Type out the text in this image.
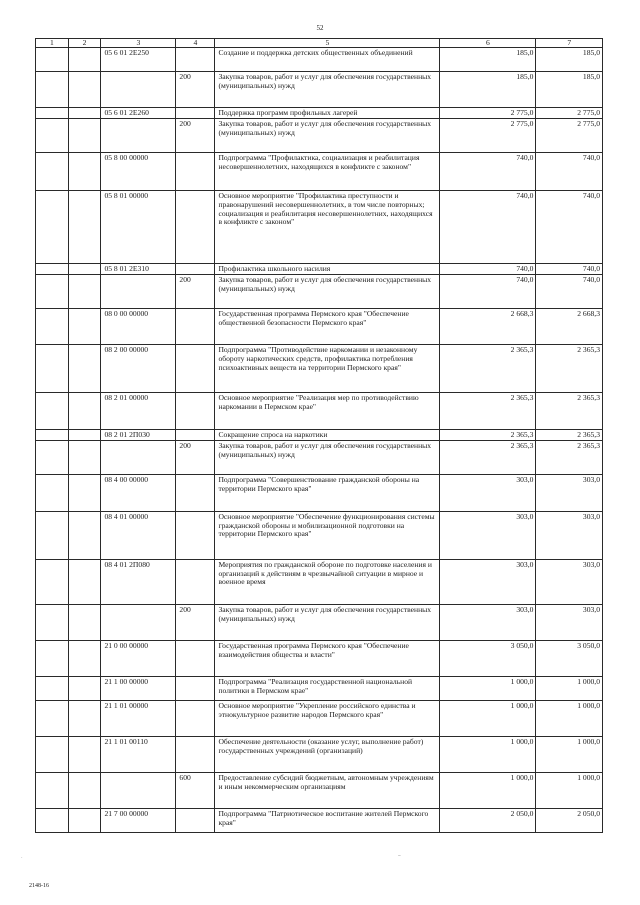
52
1	2	3	4	5	6	7
		05 6 01 2Е250		Создание и поддержка детских общественных объединений	185,0	185,0
			200	Закупка товаров, работ и услуг для обеспечения государственных (муниципальных) нужд	185,0	185,0
		05 6 01 2Е260		Поддержка программ профильных лагерей	2 775,0	2 775,0
			200	Закупка товаров, работ и услуг для обеспечения государственных (муниципальных) нужд	2 775,0	2 775,0
		05 8 00 00000		Подпрограмма "Профилактика, социализация и реабилитация несовершеннолетних, находящихся в конфликте с законом"	740,0	740,0
		05 8 01 00000		Основное мероприятие "Профилактика преступности и правонарушений несовершеннолетних, в том числе повторных; социализация и реабилитация несовершеннолетних, находящихся в конфликте с законом"	740,0	740,0
		05 8 01 2Е310		Профилактика школьного насилия	740,0	740,0
			200	Закупка товаров, работ и услуг для обеспечения государственных (муниципальных) нужд	740,0	740,0
		08 0 00 00000		Государственная программа Пермского края "Обеспечение общественной безопасности Пермского края"	2 668,3	2 668,3
		08 2 00 00000		Подпрограмма "Противодействие наркомании и незаконному обороту наркотических средств, профилактика потребления психоактивных веществ на территории Пермского края"	2 365,3	2 365,3
		08 2 01 00000		Основное мероприятие "Реализация мер по противодействию наркомании в Пермском крае"	2 365,3	2 365,3
		08 2 01 2П030		Сокращение спроса на наркотики	2 365,3	2 365,3
			200	Закупка товаров, работ и услуг для обеспечения государственных (муниципальных) нужд	2 365,3	2 365,3
		08 4 00 00000		Подпрограмма "Совершенствование гражданской обороны на территории Пермского края"	303,0	303,0
		08 4 01 00000		Основное мероприятие "Обеспечение функционирования системы гражданской обороны и мобилизационной подготовки на территории Пермского края"	303,0	303,0
		08 4 01 2П080		Мероприятия по гражданской обороне по подготовке населения и организаций к действиям в чрезвычайной ситуации в мирное и военное время	303,0	303,0
			200	Закупка товаров, работ и услуг для обеспечения государственных (муниципальных) нужд	303,0	303,0
		21 0 00 00000		Государственная программа Пермского края "Обеспечение взаимодействия общества и власти"	3 050,0	3 050,0
		21 1 00 00000		Подпрограмма "Реализация государственной национальной политики в Пермском крае"	1 000,0	1 000,0
		21 1 01 00000		Основное мероприятие "Укрепление российского единства и этнокультурное развитие народов Пермского края"	1 000,0	1 000,0
		21 1 01 00110		Обеспечение деятельности (оказание услуг, выполнение работ) государственных учреждений (организаций)	1 000,0	1 000,0
			600	Предоставление субсидий бюджетным, автономным учреждениям и иным некоммерческим организациям	1 000,0	1 000,0
		21 7 00 00000		Подпрограмма "Патриотическое воспитание жителей Пермского края"	2 050,0	2 050,0
·	~
2148-16
